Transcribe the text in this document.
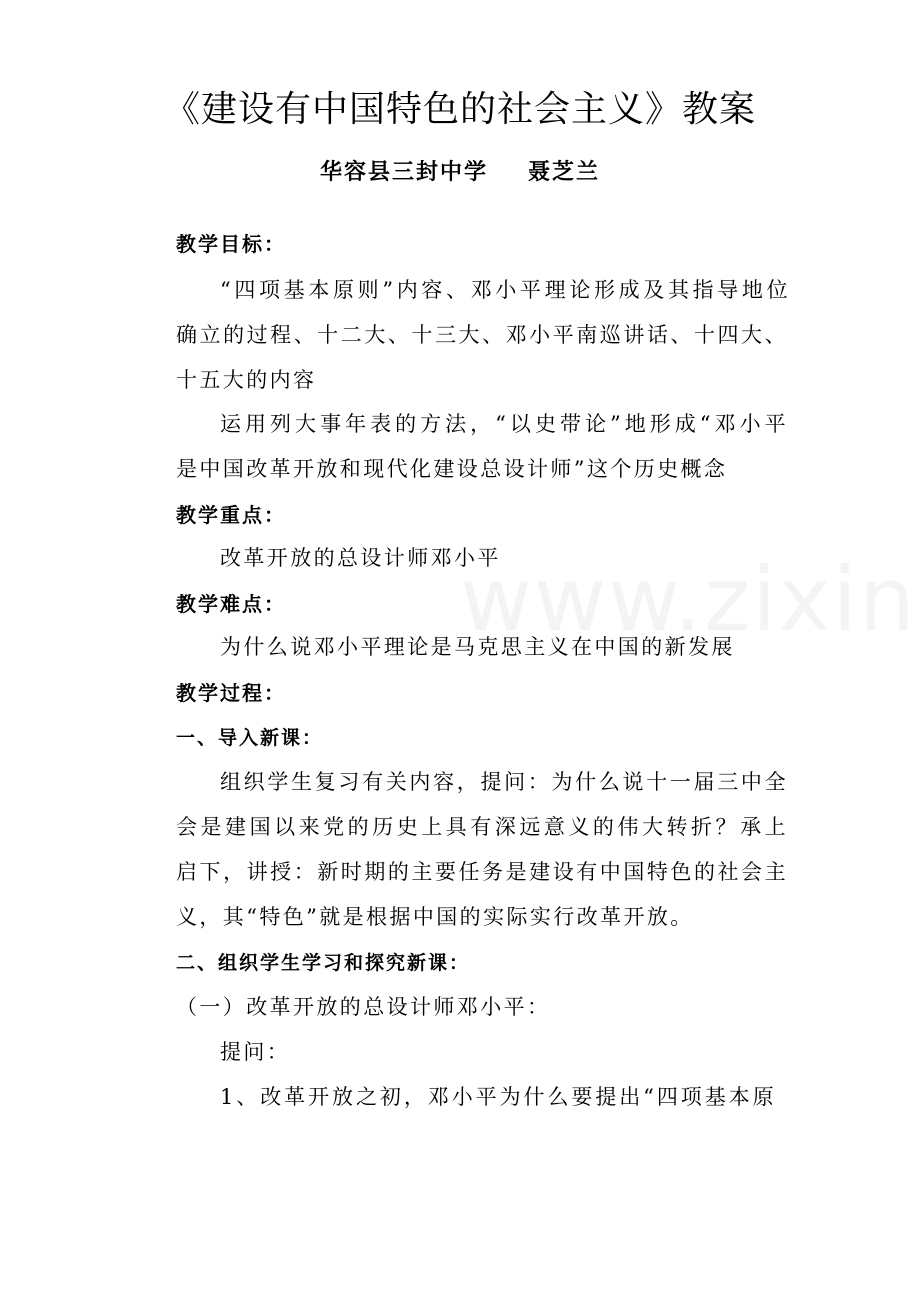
《建设有中国特色的社会主义》教案
华容县三封中学 聂芝兰
教学目标：
“四项基本原则”内容、邓小平理论形成及其指导地位
确立的过程、十二大、十三大、邓小平南巡讲话、十四大、
十五大的内容
运用列大事年表的方法，“以史带论”地形成“邓小平
是中国改革开放和现代化建设总设计师”这个历史概念
教学重点：
改革开放的总设计师邓小平
教学难点：
为什么说邓小平理论是马克思主义在中国的新发展
教学过程：
一、导入新课：
组织学生复习有关内容，提问：为什么说十一届三中全
会是建国以来党的历史上具有深远意义的伟大转折？承上
启下，讲授：新时期的主要任务是建设有中国特色的社会主
义，其“特色”就是根据中国的实际实行改革开放。
二、组织学生学习和探究新课：
（一）改革开放的总设计师邓小平：
提问：
1、改革开放之初，邓小平为什么要提出“四项基本原
